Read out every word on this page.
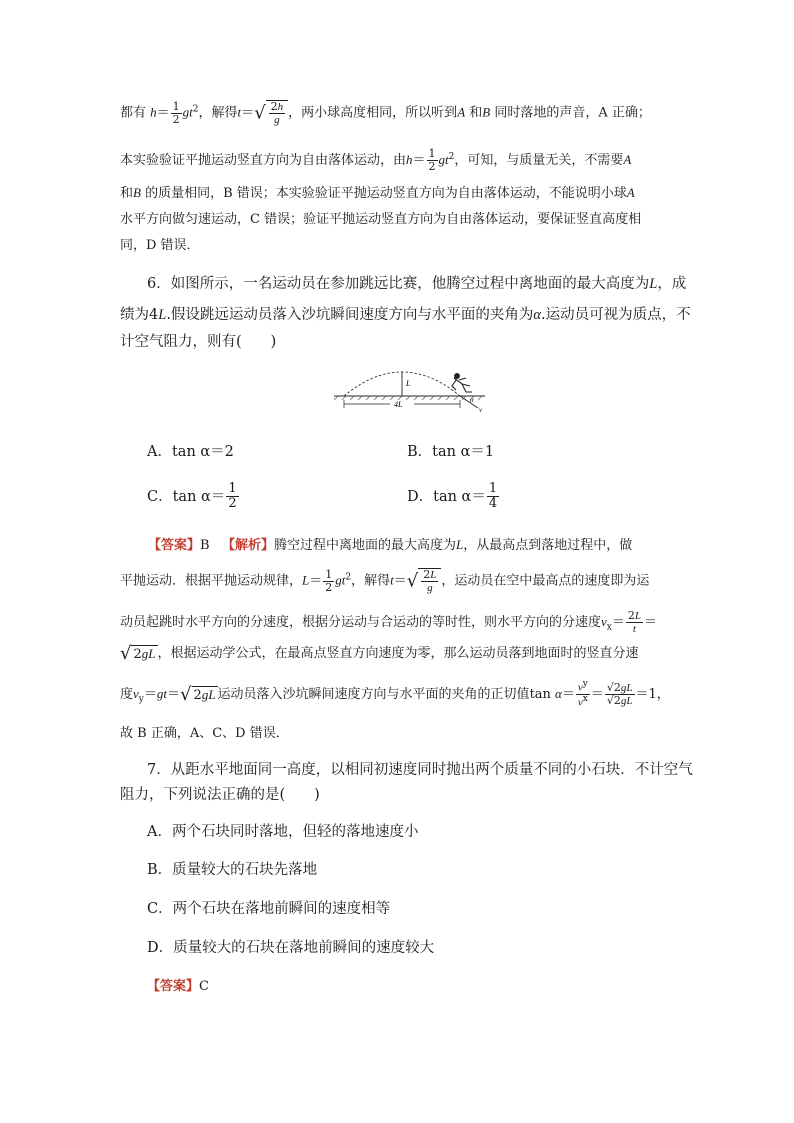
都有 $h= \frac{1}{2} gt^2$，解得$t=√ \frac{2h}{g}$ ，两小球高度相同，所以听到A 和B 同时落地的声音，A 正确；
本实验验证平抛运动竖直方向为自由落体运动，由$h= \frac{1}{2} gt^2$，可知，与质量无关，不需要A
和B 的质量相同，B 错误；本实验验证平抛运动竖直方向为自由落体运动，不能说明小球A
水平方向做匀速运动，C 错误；验证平抛运动竖直方向为自由落体运动，要保证竖直高度相
同，D 错误．
6．如图所示，一名运动员在参加跳远比赛，他腾空过程中离地面的最大高度为L，成
绩为4L.假设跳远运动员落入沙坑瞬间速度方向与水平面的夹角为α.运动员可视为质点，不
计空气阻力，则有(　　)
L
4L	α
v
A．tan α＝2	B．tan α＝1
C．$\tan \alpha= \frac{1}{2}$	D．$\tan \alpha= \frac{1}{4}$
【答案】B 【解析】腾空过程中离地面的最大高度为L，从最高点到落地过程中，做
平抛运动．根据平抛运动规律，$L= \frac{1}{2} gt^2$，解得$t=√ \frac{2L}{g}$ ，运动员在空中最高点的速度即为运
动员起跳时水平方向的分速度，根据分运动与合运动的等时性，则水平方向的分速度$v_x= \frac{2L}{t}$ ＝
√ 2gL ，根据运动学公式，在最高点竖直方向速度为零，那么运动员落到地面时的竖直分速
度$v_y=gt=√$ 2gL 运动员落入沙坑瞬间速度方向与水平面的夹角的正切值$\tan \alpha= \frac{v^y}{v^x} = \frac{√2gL}{√2gL} =1$，
故 B 正确，A、C、D 错误．
7．从距水平地面同一高度，以相同初速度同时抛出两个质量不同的小石块．不计空气
阻力，下列说法正确的是(　　)
A．两个石块同时落地，但轻的落地速度小
B．质量较大的石块先落地
C．两个石块在落地前瞬间的速度相等
D．质量较大的石块在落地前瞬间的速度较大
【答案】C
